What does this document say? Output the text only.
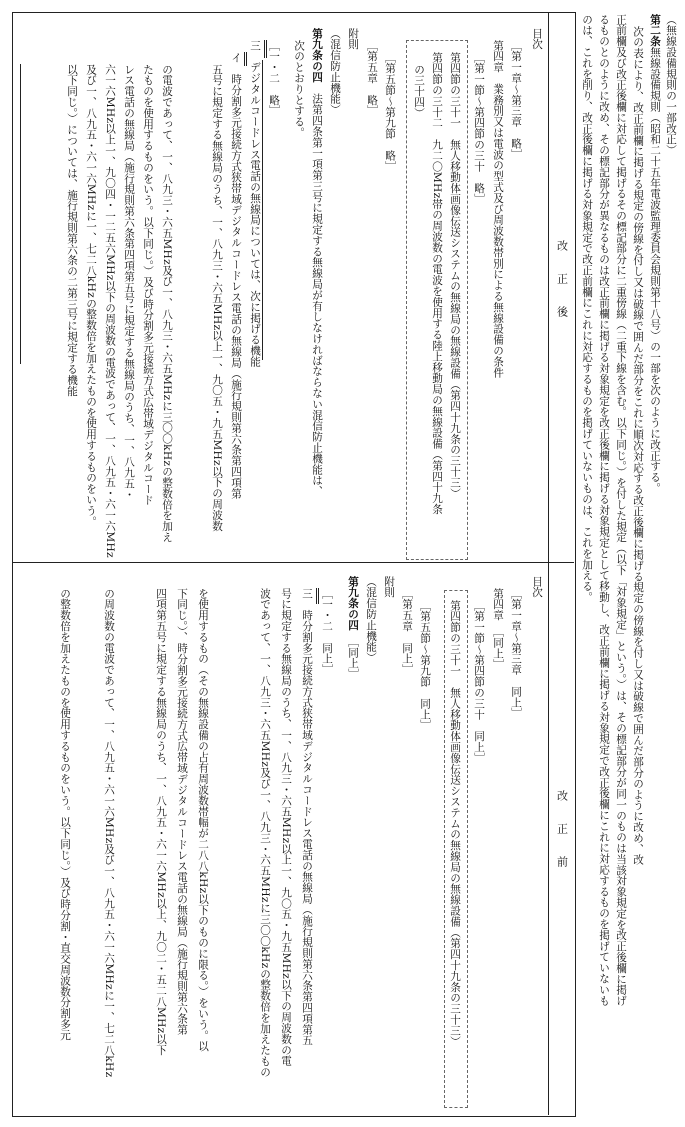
（無線設備規則の一部改正）
第二条無線設備規則（昭和二十五年電波監理委員会規則第十八号）の一部を次のように改正する。
次の表により、改正前欄に掲げる規定の傍線を付し又は破線で囲んだ部分をこれに順次対応する改正後欄に掲げる規定の傍線を付し又は破線で囲んだ部分のように改め、改
正前欄及び改正後欄に対応して掲げるその標記部分に二重傍線（二重下線を含む。以下同じ。）を付した規定（以下「対象規定」という。）は、その標記部分が同一のものは当該対象規定を改正後欄に掲げ
るものとのように改め、その標記部分が異なるものは改正前欄に掲げる対象規定を改正後欄に掲げる対象規定として移動し、改正前欄に掲げる対象規定で改正後欄にこれに対応するものを掲げていないも
のは、これを削り、改正後欄に掲げる対象規定で改正前欄にこれに対応するものを掲げていないものは、これを加える。
改正後
改正前
目次
［第一章～第三章　略］
第四章　業務別又は電波の型式及び周波数帯別による無線設備の条件
［第一節～第四節の三十　略］
第四節の三十一　無人移動体画像伝送システムの無線局の無線設備（第四十九条の三十三）
第四節の三十二　九二〇MHz帯の周波数の電波を使用する陸上移動局の無線設備（第四十九条
の三十四）
［第五節～第九節　略］
［第五章　略］
附則
（混信防止機能）
第九条の四　法第四条第一項第三号に規定する無線局が有しなければならない混信防止機能は、
次のとおりとする。
［一・二　略］
三　デジタルコードレス電話の無線局については、次に掲げる機能
イ　時分割多元接続方式狭帯域デジタルコードレス電話の無線局（施行規則第六条第四項第
五号に規定する無線局のうち、一、八九三・六五MHz以上一、九〇五・九五MHz以下の周波数
の電波であって、一、八九三・六五MHz及び一、八九三・六五MHzに三〇〇kHzの整数倍を加え
たものを使用するものをいう。以下同じ。）及び時分割多元接続方式広帯域デジタルコード
レス電話の無線局（施行規則第六条第四項第五号に規定する無線局のうち、一、八九五・
六一六MHz以上一、九〇四・一二五六MHz以下の周波数の電波であって、一、八九五・六一六MHz
及び一、八九五・六一六MHzに一、七二八kHzの整数倍を加えたものを使用するものをいう。
以下同じ。）については、施行規則第六条の二第三号に規定する機能
目次
［第一章～第三章　同上］
第四章　［同上］
［第一節～第四節の三十　同上］
第四節の三十一　無人移動体画像伝送システムの無線局の無線設備（第四十九条の三十三）
［第五節～第九節　同上］
［第五章　同上］
附則
（混信防止機能）
第九条の四　［同上］
［一・二　同上］
三　時分割多元接続方式狭帯域デジタルコードレス電話の無線局（施行規則第六条第四項第五
号に規定する無線局のうち、一、八九三・六五MHz以上一、九〇五・九五MHz以下の周波数の電
波であって、一、八九三・六五MHz及び一、八九三・六五MHzに三〇〇kHzの整数倍を加えたもの
を使用するもの（その無線設備の占有周波数帯幅が二八八kHz以下のものに限る。）をいう。以
下同じ。）、時分割多元接続方式広帯域デジタルコードレス電話の無線局（施行規則第六条第
四項第五号に規定する無線局のうち、一、八九五・六一六MHz以上、九〇二・五二八MHz以下
の周波数の電波であって、一、八九五・六一六MHz及び一、八九五・六一六MHzに一、七二八kHz
の整数倍を加えたものを使用するものをいう。以下同じ。）及び時分割・直交周波数分割多元
